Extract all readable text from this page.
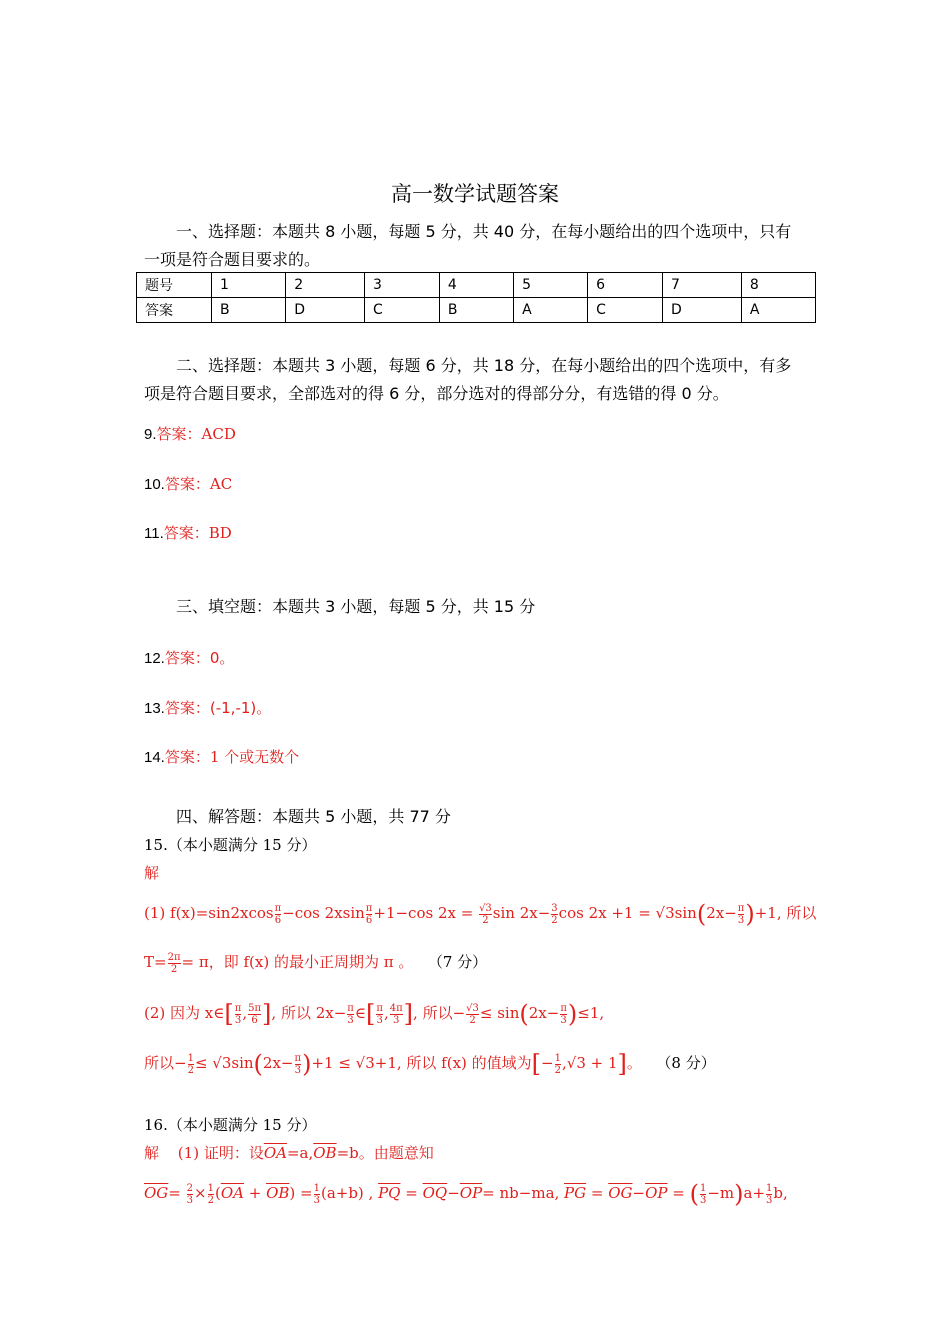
高一数学试题答案
一、选择题：本题共 8 小题，每题 5 分，共 40 分，在每小题给出的四个选项中，只有
一项是符合题目要求的。
题号	1	2	3	4	5	6	7	8
答案	B	D	C	B	A	C	D	A
二、选择题：本题共 3 小题，每题 6 分，共 18 分，在每小题给出的四个选项中，有多
项是符合题目要求，全部选对的得 6 分，部分选对的得部分分，有选错的得 0 分。
9.答案：ACD
10.答案：AC
11.答案：BD
三、填空题：本题共 3 小题，每题 5 分，共 15 分
12.答案：0。
13.答案：(-1,-1)。
14.答案：1 个或无数个
四、解答题：本题共 5 小题，共 77 分
15.（本小题满分 15 分）
解
(1) $f(x)=\sin 2xcos \frac{\pi}{6} -\cos$ $2xsin \frac{\pi}{6} +1-\cos$ $2x = \frac{√3}{2}$ $\sin 2x- \frac{3}{2}$ $\cos 2x +1 = √3\sin(2x- \frac{\pi}{3} )+1$, 所以
$T= \frac{2\pi}{2} = \pi$，即 f(x) 的最小正周期为 π 。 （7 分）
(2) 因为 x∈[ $\frac{\pi}{3}$ , $\frac{5\pi}{6}$ ], 所以 $2x- \frac{\pi}{3}$ ∈[ $\frac{\pi}{3}$ , $\frac{4\pi}{3}$ ], 所以− $\frac{√3}{2} \le \sin(2x- \frac{\pi}{3} )\le 1$,
所以− $\frac{1}{2} \le √3\sin(2x- \frac{\pi}{3} )+1 \le √3+1$, 所以 f(x) 的值域为[− $\frac{1}{2} ,√3 + 1$]。 （8 分）
16.（本小题满分 15 分）
解 (1) 证明：设$\overline{OA}=a,\overline{OB}=b$。由题意知
$\overline{OG}= \frac{2}{3} \times \frac{1}{2} (\overline{OA} + \overline{OB}) = \frac{1}{3} (a+b)$ , $\overline{PQ} = \overline{OQ}-\overline{OP}= nb-ma$, $\overline{PG} = \overline{OG}-\overline{OP}$ = ( $\frac{1}{3} -m)a+ \frac{1}{3} b$,
